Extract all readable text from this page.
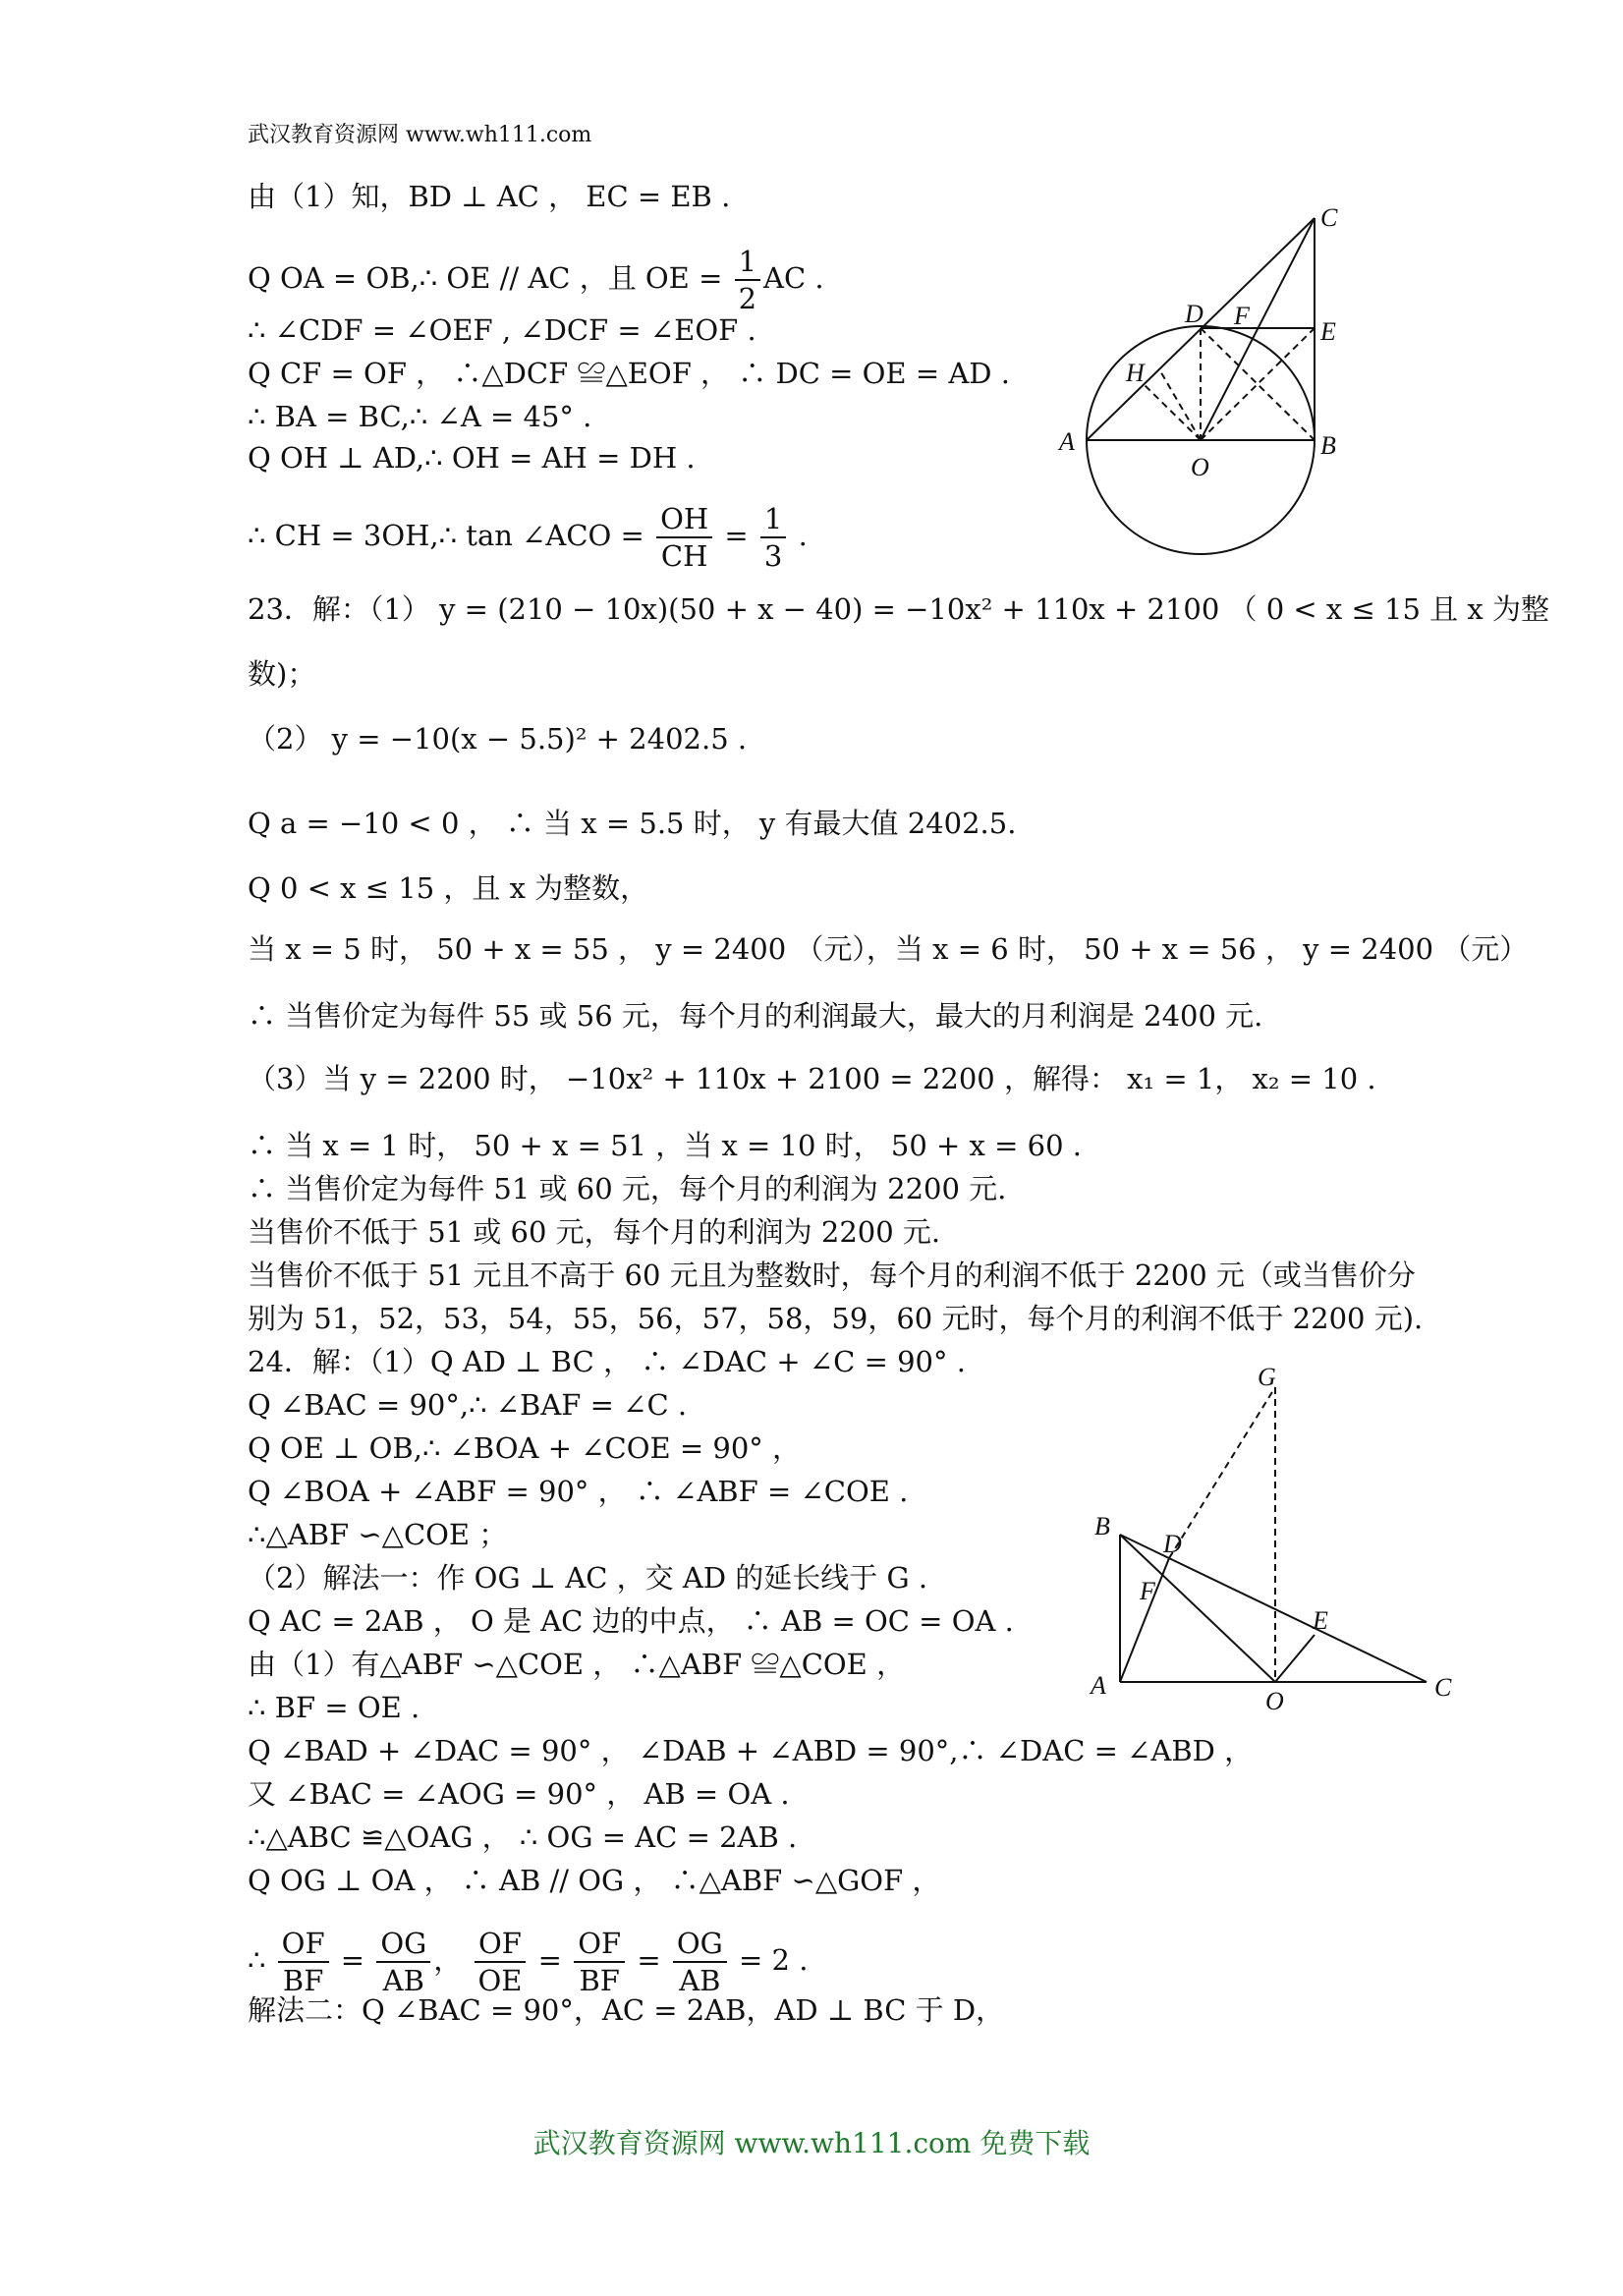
武汉教育资源网 www.wh111.com
由（1）知，BD ⊥ AC ， EC = EB .
Q OA = OB,∴ OE // AC ，且 OE = $\frac{1}{2}$ AC .
∴ ∠CDF = ∠OEF , ∠DCF = ∠EOF .
Q CF = OF ， ∴△DCF ≌△EOF ， ∴ DC = OE = AD .
∴ BA = BC,∴ ∠A = 45° .
Q OH ⊥ AD,∴ OH = AH = DH .
∴ CH = 3OH,∴ tan ∠ACO = $\frac{OH}{CH} = \frac{1}{3}$ .
23．解：（1） y = (210 − 10x)(50 + x − 40) = −10x² + 110x + 2100 （ 0 < x ≤ 15 且 x 为整
数)；
（2） y = −10(x − 5.5)² + 2402.5 .
Q a = −10 < 0 ， ∴ 当 x = 5.5 时， y 有最大值 2402.5.
Q 0 < x ≤ 15 ，且 x 为整数，
当 x = 5 时， 50 + x = 55 ， y = 2400 （元），当 x = 6 时， 50 + x = 56 ， y = 2400 （元）
∴ 当售价定为每件 55 或 56 元，每个月的利润最大，最大的月利润是 2400 元.
（3）当 y = 2200 时， −10x² + 110x + 2100 = 2200 ，解得： x₁ = 1， x₂ = 10 .
∴ 当 x = 1 时， 50 + x = 51 ，当 x = 10 时， 50 + x = 60 .
∴ 当售价定为每件 51 或 60 元，每个月的利润为 2200 元.
当售价不低于 51 或 60 元，每个月的利润为 2200 元.
当售价不低于 51 元且不高于 60 元且为整数时，每个月的利润不低于 2200 元（或当售价分
别为 51，52，53，54，55，56，57，58，59，60 元时，每个月的利润不低于 2200 元).
24．解：（1）Q AD ⊥ BC ， ∴ ∠DAC + ∠C = 90° .
Q ∠BAC = 90°,∴ ∠BAF = ∠C .
Q OE ⊥ OB,∴ ∠BOA + ∠COE = 90° ，
Q ∠BOA + ∠ABF = 90° ， ∴ ∠ABF = ∠COE .
∴△ABF ∽△COE ；
（2）解法一：作 OG ⊥ AC ，交 AD 的延长线于 G .
Q AC = 2AB ， O 是 AC 边的中点， ∴ AB = OC = OA .
由（1）有△ABF ∽△COE ， ∴△ABF ≌△COE ，
∴ BF = OE .
Q ∠BAD + ∠DAC = 90° ， ∠DAB + ∠ABD = 90°,∴ ∠DAC = ∠ABD ，
又 ∠BAC = ∠AOG = 90° ， AB = OA .
∴△ABC ≌△OAG ， ∴ OG = AC = 2AB .
Q OG ⊥ OA ， ∴ AB // OG ， ∴△ABF ∽△GOF ，
∴ $\frac{OF}{BF} = \frac{OG}{AB}$ ， $\frac{OF}{OE} = \frac{OF}{BF} = \frac{OG}{AB} = 2$ .
解法二：Q ∠BAC = 90°，AC = 2AB，AD ⊥ BC 于 D，
C
D F
E
H
A
O
B
G
B
D
F
E
A
O	C
武汉教育资源网 www.wh111.com 免费下载
